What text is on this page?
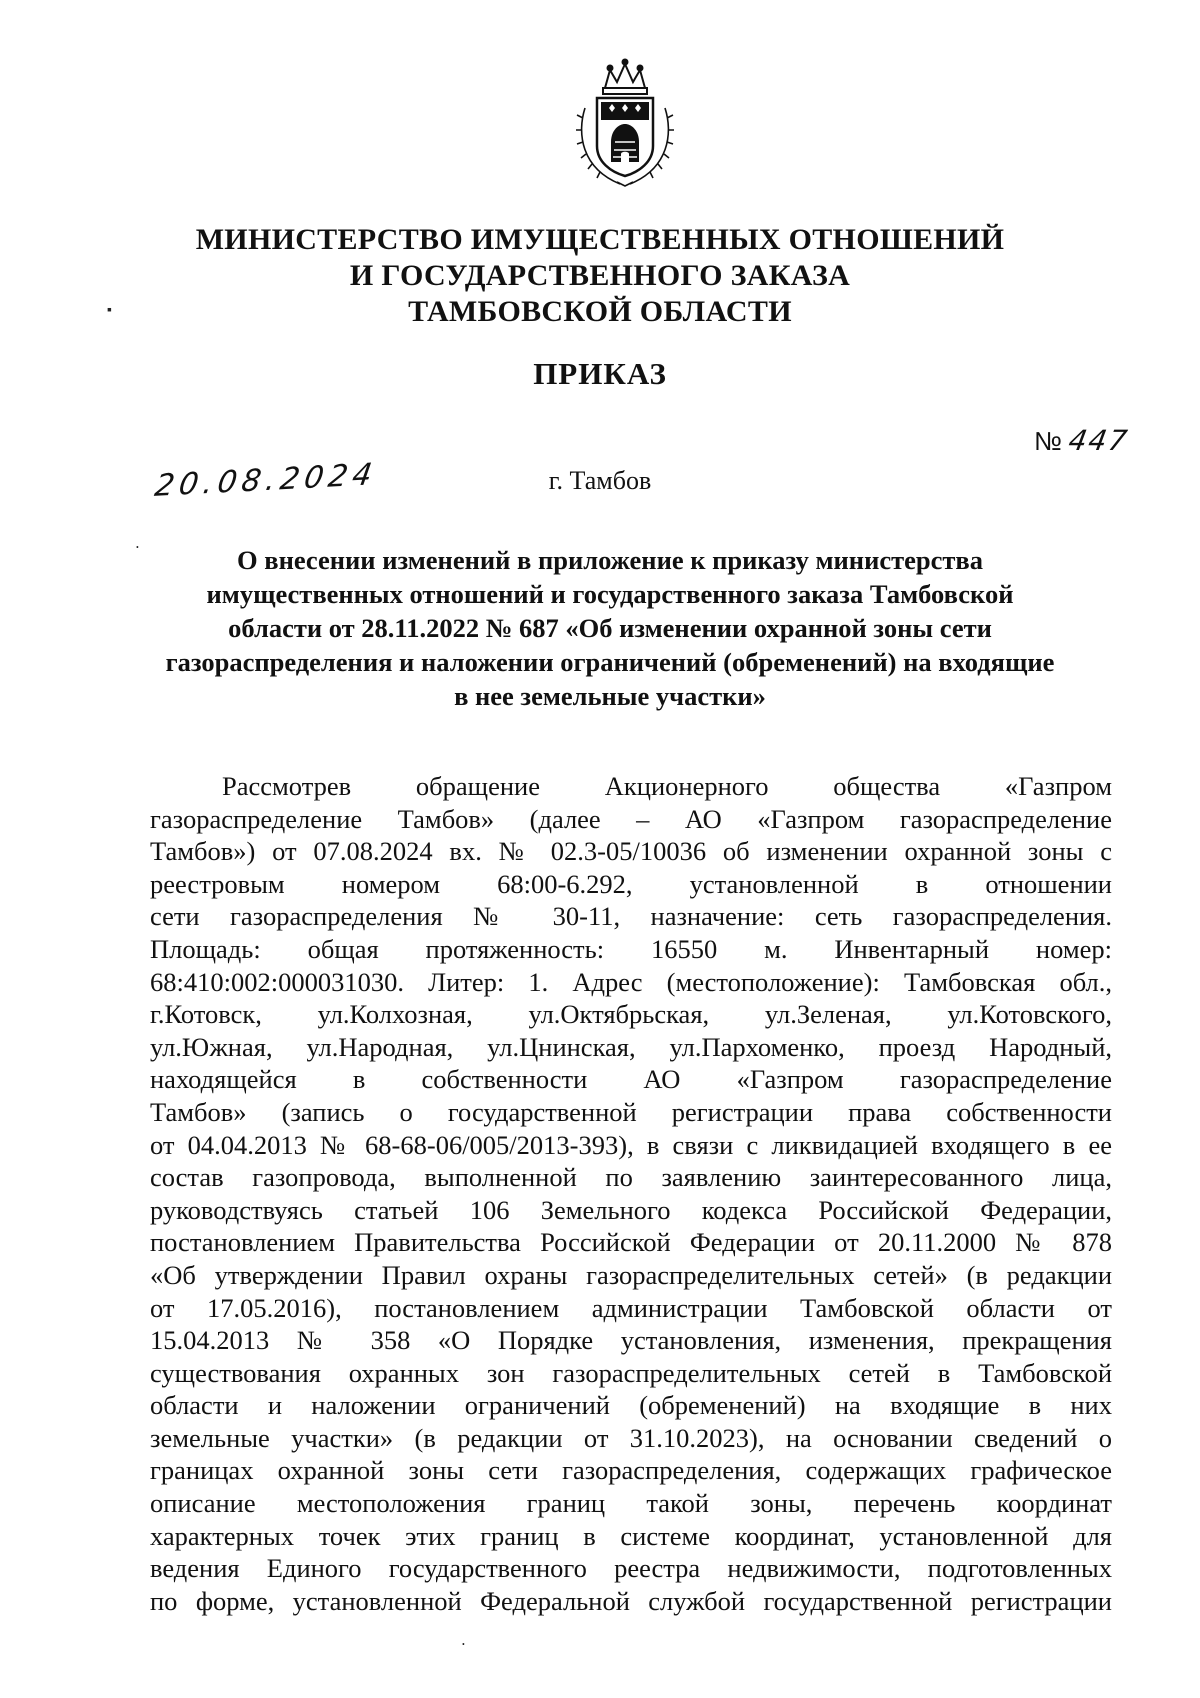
МИНИСТЕРСТВО ИМУЩЕСТВЕННЫХ ОТНОШЕНИЙ
И ГОСУДАРСТВЕННОГО ЗАКАЗА
ТАМБОВСКОЙ ОБЛАСТИ
ПРИКАЗ
№ 447
20.08.2024	г. Тамбов
О внесении изменений в приложение к приказу министерства
имущественных отношений и государственного заказа Тамбовской
области от 28.11.2022 № 687 «Об изменении охранной зоны сети
газораспределения и наложении ограничений (обременений) на входящие
в нее земельные участки»
Рассмотрев обращение Акционерного общества «Газпром
газораспределение Тамбов» (далее – АО «Газпром газораспределение
Тамбов») от 07.08.2024 вх. № 02.3-05/10036 об изменении охранной зоны с
реестровым номером 68:00-6.292, установленной в отношении
сети газораспределения № 30-11, назначение: сеть газораспределения.
Площадь: общая протяженность: 16550 м. Инвентарный номер:
68:410:002:000031030. Литер: 1. Адрес (местоположение): Тамбовская обл.,
г.Котовск, ул.Колхозная, ул.Октябрьская, ул.Зеленая, ул.Котовского,
ул.Южная, ул.Народная, ул.Цнинская, ул.Пархоменко, проезд Народный,
находящейся в собственности АО «Газпром газораспределение
Тамбов» (запись о государственной регистрации права собственности
от 04.04.2013 № 68-68-06/005/2013-393), в связи с ликвидацией входящего в ее
состав газопровода, выполненной по заявлению заинтересованного лица,
руководствуясь статьей 106 Земельного кодекса Российской Федерации,
постановлением Правительства Российской Федерации от 20.11.2000 № 878
«Об утверждении Правил охраны газораспределительных сетей» (в редакции
от 17.05.2016), постановлением администрации Тамбовской области от
15.04.2013 № 358 «О Порядке установления, изменения, прекращения
существования охранных зон газораспределительных сетей в Тамбовской
области и наложении ограничений (обременений) на входящие в них
земельные участки» (в редакции от 31.10.2023), на основании сведений о
границах охранной зоны сети газораспределения, содержащих графическое
описание местоположения границ такой зоны, перечень координат
характерных точек этих границ в системе координат, установленной для
ведения Единого государственного реестра недвижимости, подготовленных
по форме, установленной Федеральной службой государственной регистрации
▪
•
•
